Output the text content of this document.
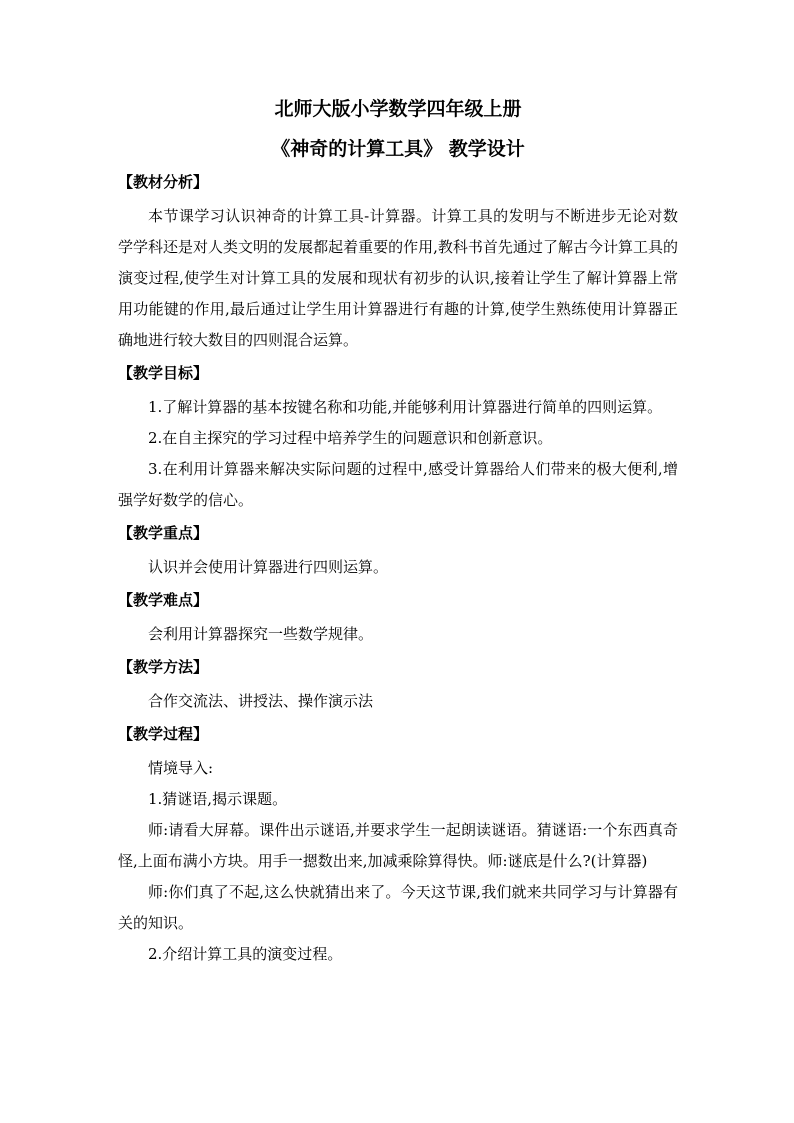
北师大版小学数学四年级上册

《神奇的计算工具》 教学设计

【教材分析】

本节课学习认识神奇的计算工具-计算器。计算工具的发明与不断进步无论对数学学科还是对人类文明的发展都起着重要的作用,教科书首先通过了解古今计算工具的演变过程,使学生对计算工具的发展和现状有初步的认识,接着让学生了解计算器上常用功能键的作用,最后通过让学生用计算器进行有趣的计算,使学生熟练使用计算器正确地进行较大数目的四则混合运算。

【教学目标】

1.了解计算器的基本按键名称和功能,并能够利用计算器进行简单的四则运算。

2.在自主探究的学习过程中培养学生的问题意识和创新意识。

3.在利用计算器来解决实际问题的过程中,感受计算器给人们带来的极大便利,增强学好数学的信心。

【教学重点】

认识并会使用计算器进行四则运算。

【教学难点】

会利用计算器探究一些数学规律。

【教学方法】

合作交流法、讲授法、操作演示法

【教学过程】

情境导入:

1.猜谜语,揭示课题。

师:请看大屏幕。课件出示谜语,并要求学生一起朗读谜语。猜谜语:一个东西真奇怪,上面布满小方块。用手一摁数出来,加减乘除算得快。师:谜底是什么?(计算器)

师:你们真了不起,这么快就猜出来了。今天这节课,我们就来共同学习与计算器有关的知识。

2.介绍计算工具的演变过程。
